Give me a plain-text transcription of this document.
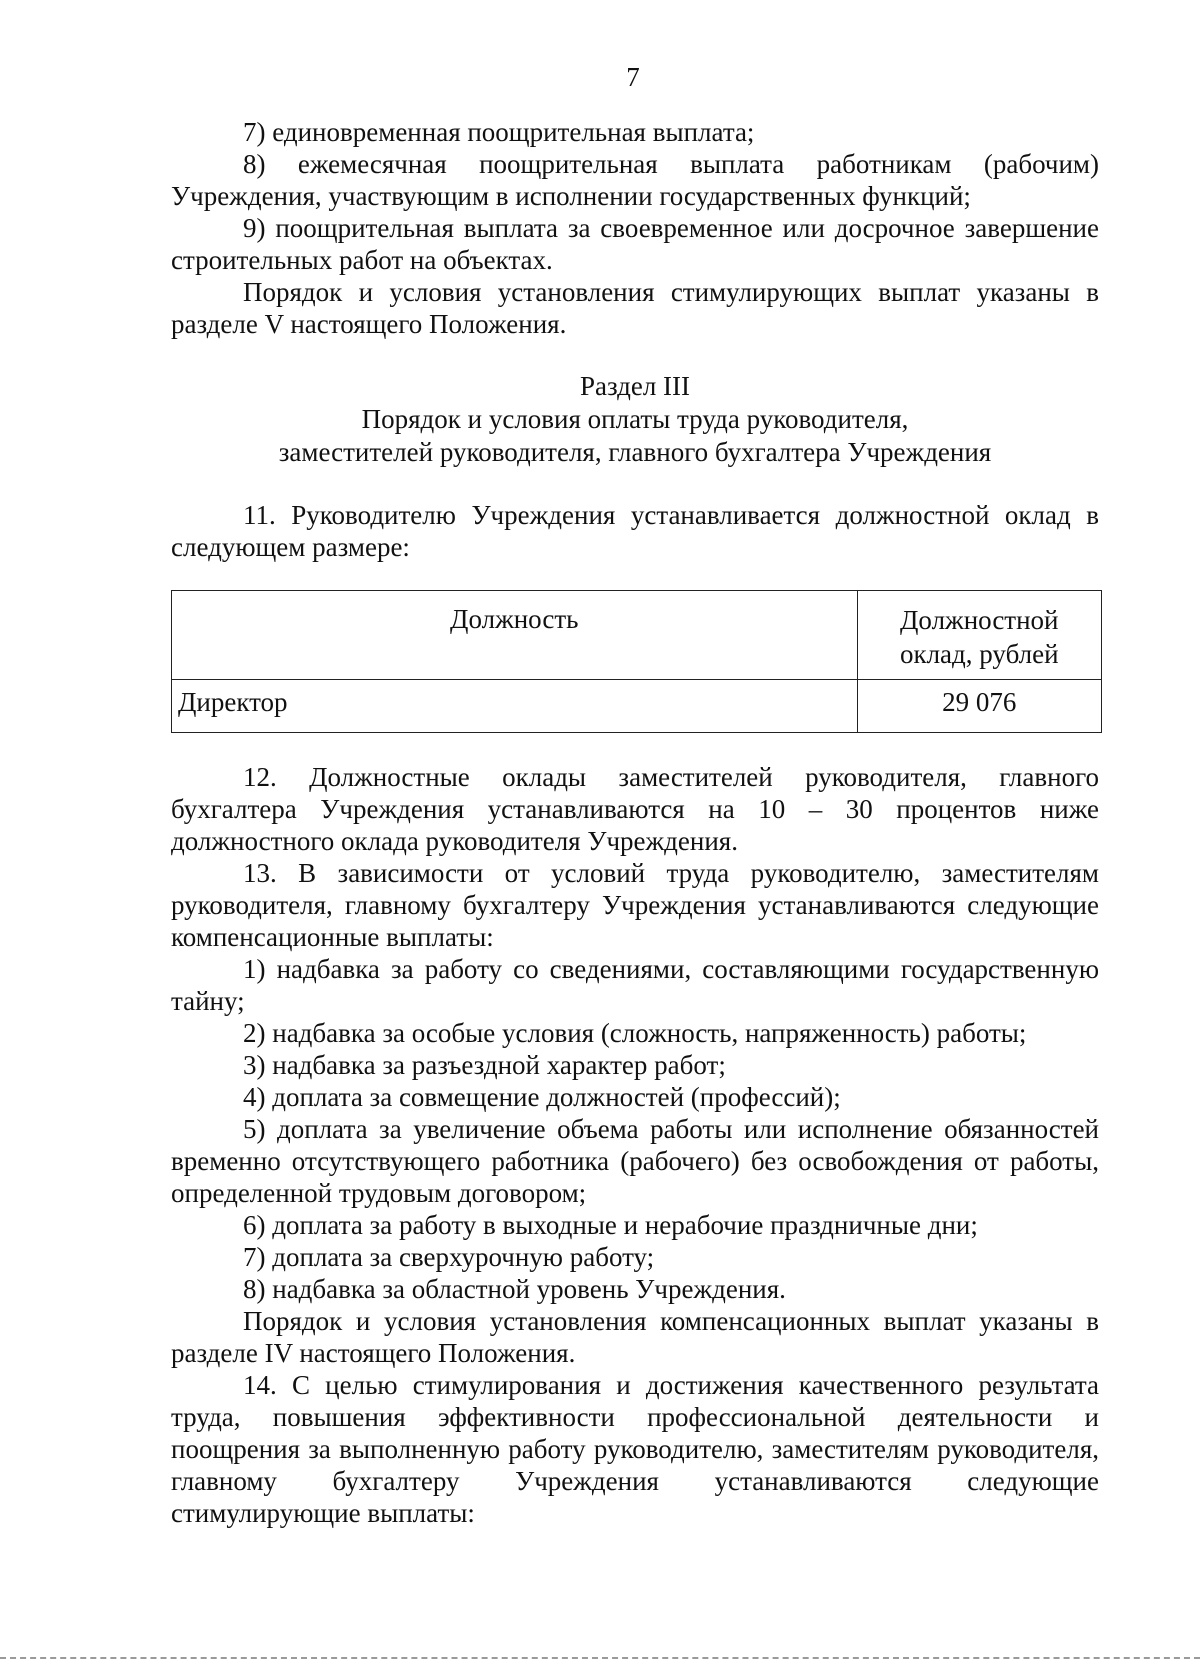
7

7) единовременная поощрительная выплата;

8) ежемесячная поощрительная выплата работникам (рабочим) Учреждения, участвующим в исполнении государственных функций;

9) поощрительная выплата за своевременное или досрочное завершение строительных работ на объектах.

Порядок и условия установления стимулирующих выплат указаны в разделе V настоящего Положения.

Раздел III
Порядок и условия оплаты труда руководителя,
заместителей руководителя, главного бухгалтера Учреждения

11. Руководителю Учреждения устанавливается должностной оклад в следующем размере:

Должность	Должностной
оклад, рублей

Директор	29 076

12. Должностные оклады заместителей руководителя, главного бухгалтера Учреждения устанавливаются на 10 – 30 процентов ниже должностного оклада руководителя Учреждения.

13. В зависимости от условий труда руководителю, заместителям руководителя, главному бухгалтеру Учреждения устанавливаются следующие компенсационные выплаты:

1) надбавка за работу со сведениями, составляющими государственную тайну;

2) надбавка за особые условия (сложность, напряженность) работы;

3) надбавка за разъездной характер работ;

4) доплата за совмещение должностей (профессий);

5) доплата за увеличение объема работы или исполнение обязанностей временно отсутствующего работника (рабочего) без освобождения от работы, определенной трудовым договором;

6) доплата за работу в выходные и нерабочие праздничные дни;

7) доплата за сверхурочную работу;

8) надбавка за областной уровень Учреждения.

Порядок и условия установления компенсационных выплат указаны в разделе IV настоящего Положения.

14. С целью стимулирования и достижения качественного результата труда, повышения эффективности профессиональной деятельности и поощрения за выполненную работу руководителю, заместителям руководителя, главному бухгалтеру Учреждения устанавливаются следующие стимулирующие выплаты:
